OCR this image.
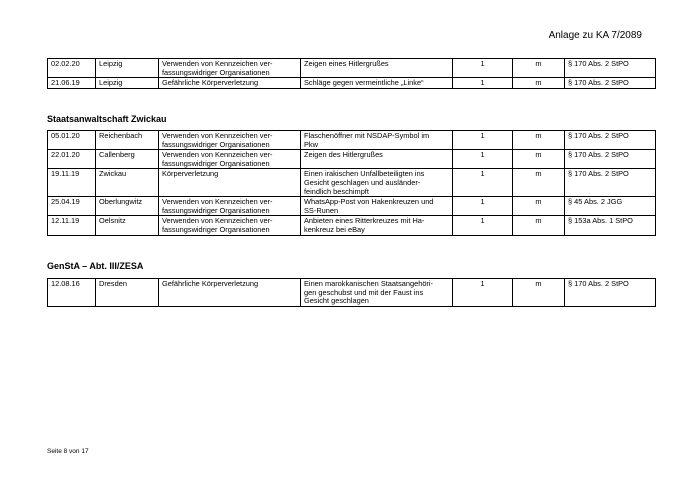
Anlage zu KA 7/2089
02.02.20	Leipzig	Verwenden von Kennzeichen ver-
fassungswidriger Organisationen	Zeigen eines Hitlergrußes	1	m	§ 170 Abs. 2 StPO
21.06.19	Leipzig	Gefährliche Körperverletzung	Schläge gegen vermeintliche „Linke“	1	m	§ 170 Abs. 2 StPO
Staatsanwaltschaft Zwickau
05.01.20	Reichenbach	Verwenden von Kennzeichen ver-
fassungswidriger Organisationen	Flaschenöffner mit NSDAP-Symbol im
Pkw	1	m	§ 170 Abs. 2 StPO
22.01.20	Callenberg	Verwenden von Kennzeichen ver-
fassungswidriger Organisationen	Zeigen des Hitlergrußes	1	m	§ 170 Abs. 2 StPO
19.11.19	Zwickau	Körperverletzung	Einen irakischen Unfallbeteiligten ins
Gesicht geschlagen und ausländer-
feindlich beschimpft	1	m	§ 170 Abs. 2 StPO
25.04.19	Oberlungwitz	Verwenden von Kennzeichen ver-
fassungswidriger Organisationen	WhatsApp-Post von Hakenkreuzen und
SS-Runen	1	m	§ 45 Abs. 2 JGG
12.11.19	Oelsnitz	Verwenden von Kennzeichen ver-
fassungswidriger Organisationen	Anbieten eines Ritterkreuzes mit Ha-
kenkreuz bei eBay	1	m	§ 153a Abs. 1 StPO
GenStA – Abt. III/ZESA
12.08.16	Dresden	Gefährliche Körperverletzung	Einen marokkanischen Staatsangehöri-
gen geschubst und mit der Faust ins
Gesicht geschlagen	1	m	§ 170 Abs. 2 StPO
Seite 8 von 17
